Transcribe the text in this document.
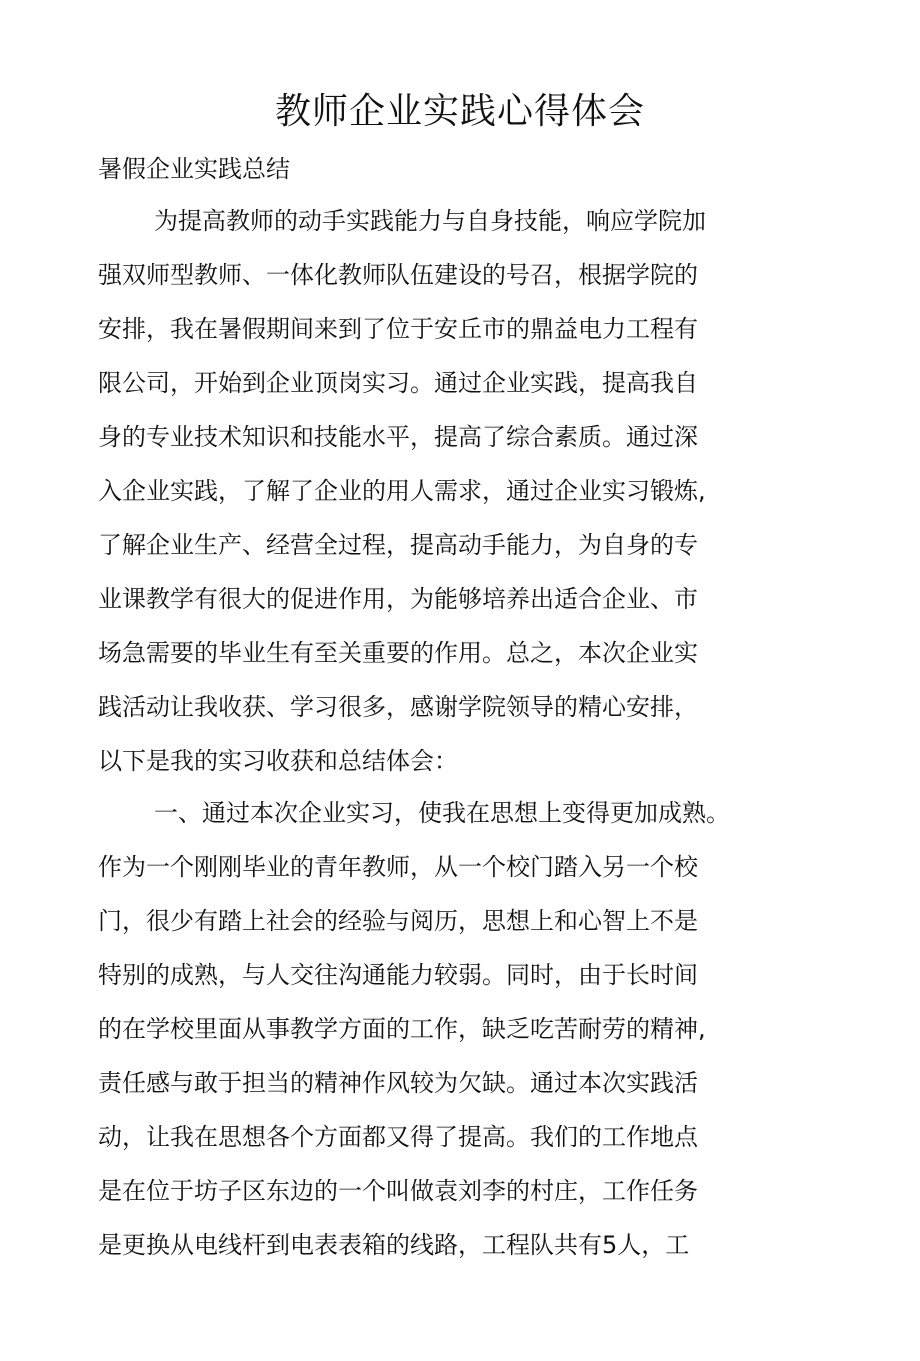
教师企业实践心得体会

暑假企业实践总结

为提高教师的动手实践能力与自身技能，响应学院加

强双师型教师、一体化教师队伍建设的号召，根据学院的

安排，我在暑假期间来到了位于安丘市的鼎益电力工程有

限公司，开始到企业顶岗实习。通过企业实践，提高我自

身的专业技术知识和技能水平，提高了综合素质。通过深

入企业实践，了解了企业的用人需求，通过企业实习锻炼,

了解企业生产、经营全过程，提高动手能力，为自身的专

业课教学有很大的促进作用，为能够培养出适合企业、市

场急需要的毕业生有至关重要的作用。总之，本次企业实

践活动让我收获、学习很多，感谢学院领导的精心安排，

以下是我的实习收获和总结体会：

一、通过本次企业实习，使我在思想上变得更加成熟。

作为一个刚刚毕业的青年教师，从一个校门踏入另一个校

门，很少有踏上社会的经验与阅历，思想上和心智上不是

特别的成熟，与人交往沟通能力较弱。同时，由于长时间

的在学校里面从事教学方面的工作，缺乏吃苦耐劳的精神,

责任感与敢于担当的精神作风较为欠缺。通过本次实践活

动，让我在思想各个方面都又得了提高。我们的工作地点

是在位于坊子区东边的一个叫做袁刘李的村庄，工作任务

是更换从电线杆到电表表箱的线路，工程队共有5人，工
